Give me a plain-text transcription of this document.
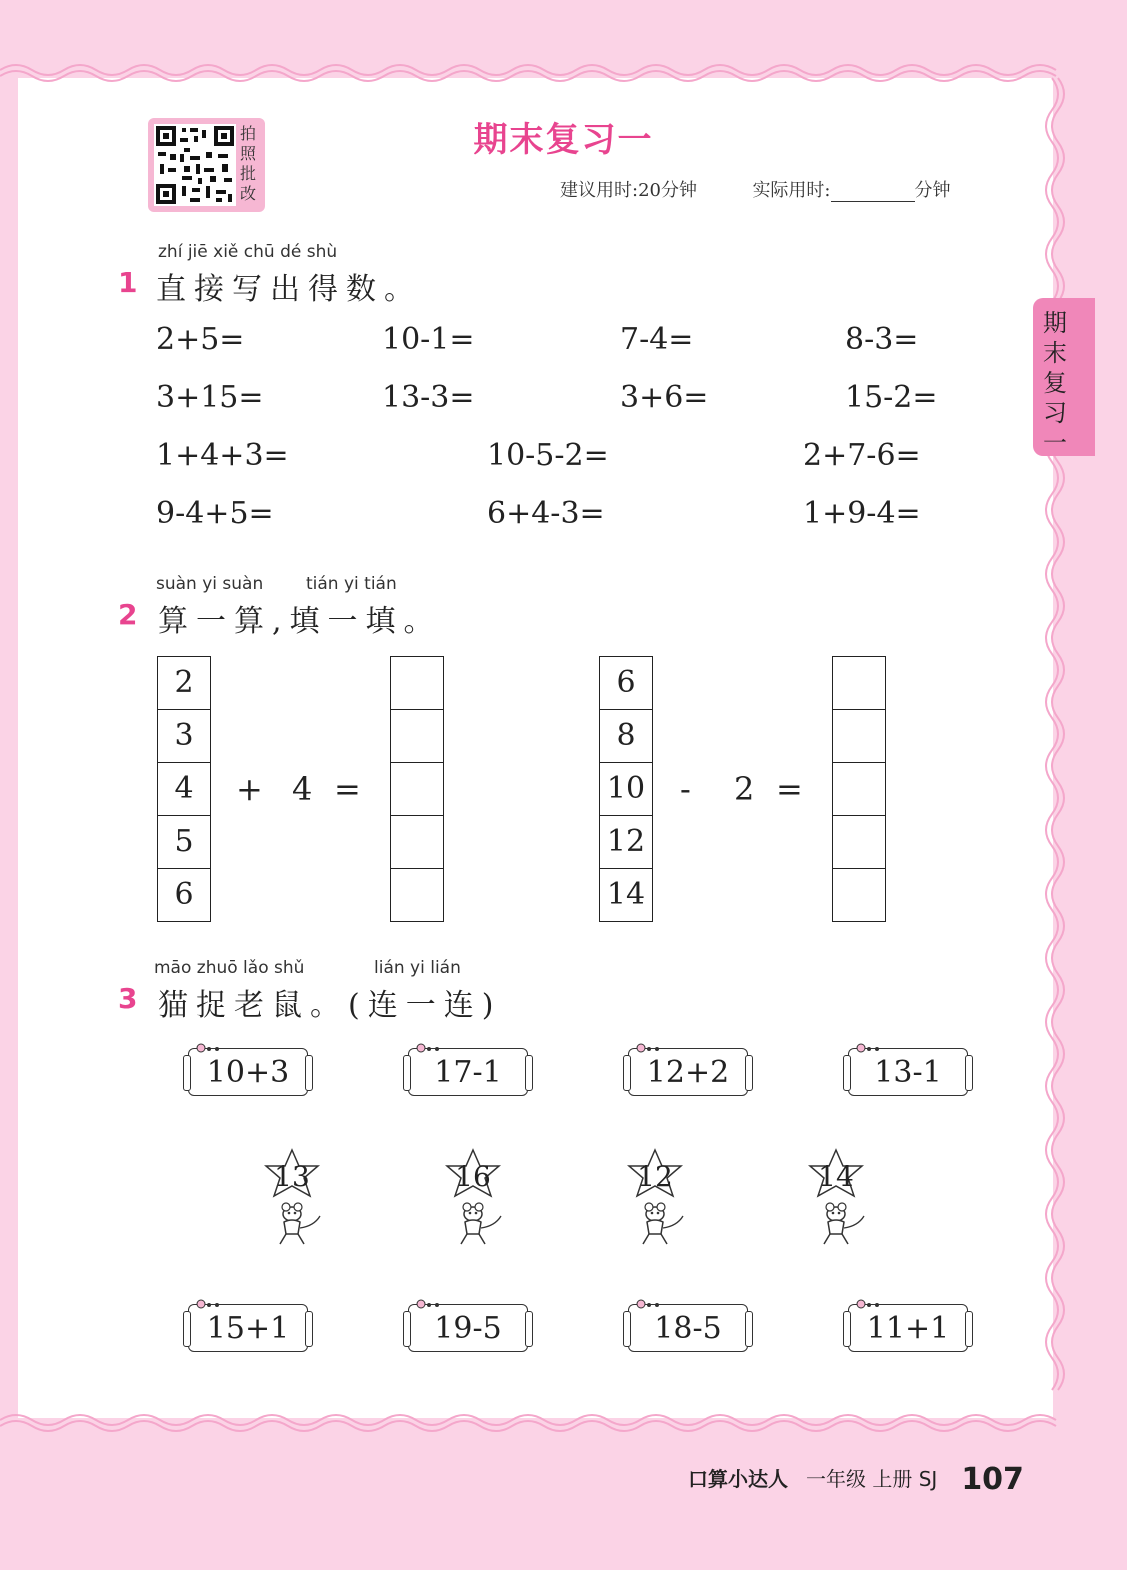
拍照批改
期末复习一
建议用时:20分钟	实际用时:	分钟
期末复习一
zhí jiē xiě chū dé shù
1 直接写出得数。
2+5=	10-1=	7-4=	8-3=
3+15=	13-3=	3+6=	15-2=
1+4+3=	10-5-2=	2+7-6=
9-4+5=	6+4-3=	1+9-4=
suàn yi suàn	tián yi tián
2 算一算,填一填。
2
3
4
5
6
+ 4 =
6
8
10
12
14
- 2 =
māo zhuō lǎo shǔ	lián yi lián
3 猫捉老鼠。(连一连)
10+3	17-1	12+2	13-1
13	16	12	14
15+1	19-5	18-5	11+1
口算小达人 一年级 上册 SJ 107
